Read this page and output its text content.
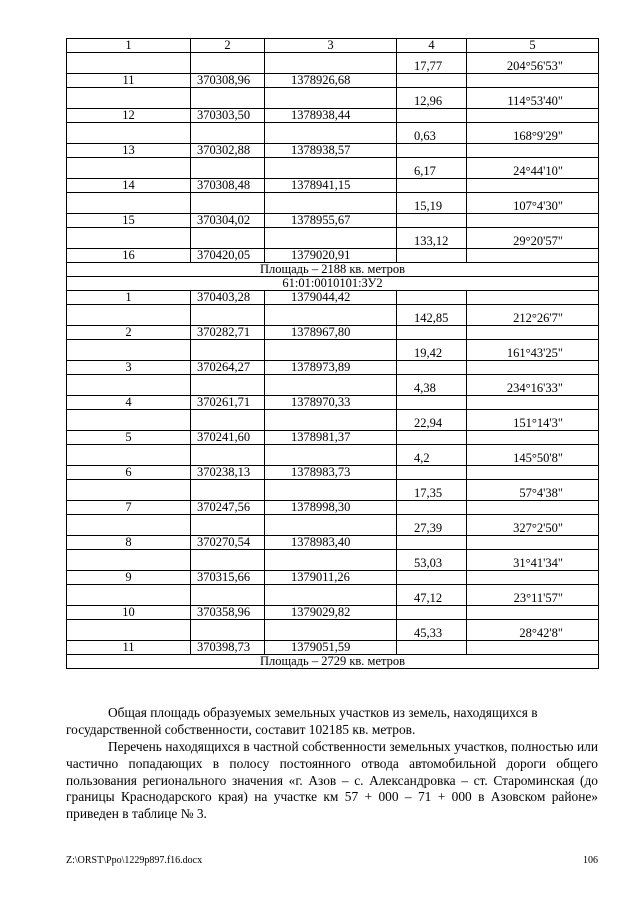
1	2	3	4	5
			17,77	204°56'53"
11	370308,96	1378926,68		
			12,96	114°53'40"
12	370303,50	1378938,44		
			0,63	168°9'29"
13	370302,88	1378938,57		
			6,17	24°44'10"
14	370308,48	1378941,15		
			15,19	107°4'30"
15	370304,02	1378955,67		
			133,12	29°20'57"
16	370420,05	1379020,91		
Площадь – 2188 кв. метров				
61:01:0010101:ЗУ2				
1	370403,28	1379044,42		
			142,85	212°26'7"
2	370282,71	1378967,80		
			19,42	161°43'25"
3	370264,27	1378973,89		
			4,38	234°16'33"
4	370261,71	1378970,33		
			22,94	151°14'3"
5	370241,60	1378981,37		
			4,2	145°50'8"
6	370238,13	1378983,73		
			17,35	57°4'38"
7	370247,56	1378998,30		
			27,39	327°2'50"
8	370270,54	1378983,40		
			53,03	31°41'34"
9	370315,66	1379011,26		
			47,12	23°11'57"
10	370358,96	1379029,82		
			45,33	28°42'8"
11	370398,73	1379051,59		
Площадь – 2729 кв. метров				

Общая площадь образуемых земельных участков из земель, находящихся в государственной собственности, составит 102185 кв. метров.

Перечень находящихся в частной собственности земельных участков, полностью или частично попадающих в полосу постоянного отвода автомобильной дороги общего пользования регионального значения «г. Азов – с. Александровка – ст. Староминская (до границы Краснодарского края) на участке км 57 + 000 – 71 + 000 в Азовском районе» приведен в таблице № 3.

Z:\ORST\Ppo\1229p897.f16.docx	106
